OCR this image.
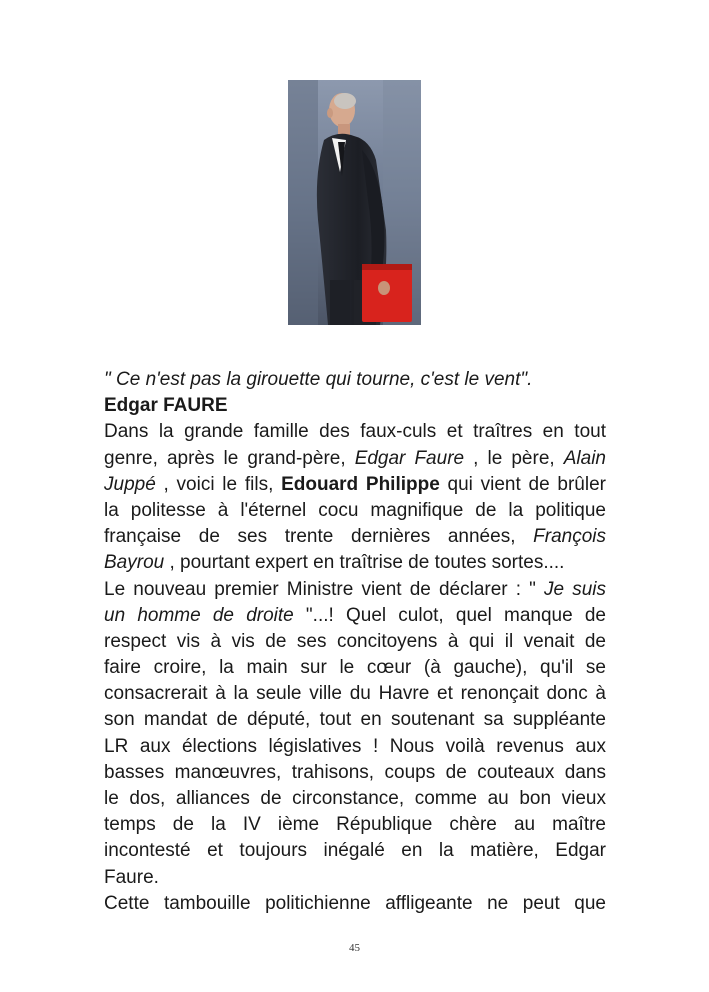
" Ce n'est pas la girouette qui tourne, c'est le vent".
Edgar FAURE
Dans la grande famille des faux-culs et traîtres en tout
genre, après le grand-père, Edgar Faure , le père, Alain
Juppé , voici le fils, Edouard Philippe qui vient de brûler
la politesse à l'éternel cocu magnifique de la politique
française de ses trente dernières années, François
Bayrou , pourtant expert en traîtrise de toutes sortes....
Le nouveau premier Ministre vient de déclarer : " Je suis
un homme de droite "...! Quel culot, quel manque de
respect vis à vis de ses concitoyens à qui il venait de
faire croire, la main sur le cœur (à gauche), qu'il se
consacrerait à la seule ville du Havre et renonçait donc à
son mandat de député, tout en soutenant sa suppléante
LR aux élections législatives ! Nous voilà revenus aux
basses manœuvres, trahisons, coups de couteaux dans
le dos, alliances de circonstance, comme au bon vieux
temps de la IV ième République chère au maître
incontesté et toujours inégalé en la matière, Edgar
Faure.
Cette tambouille politichienne affligeante ne peut que
45
